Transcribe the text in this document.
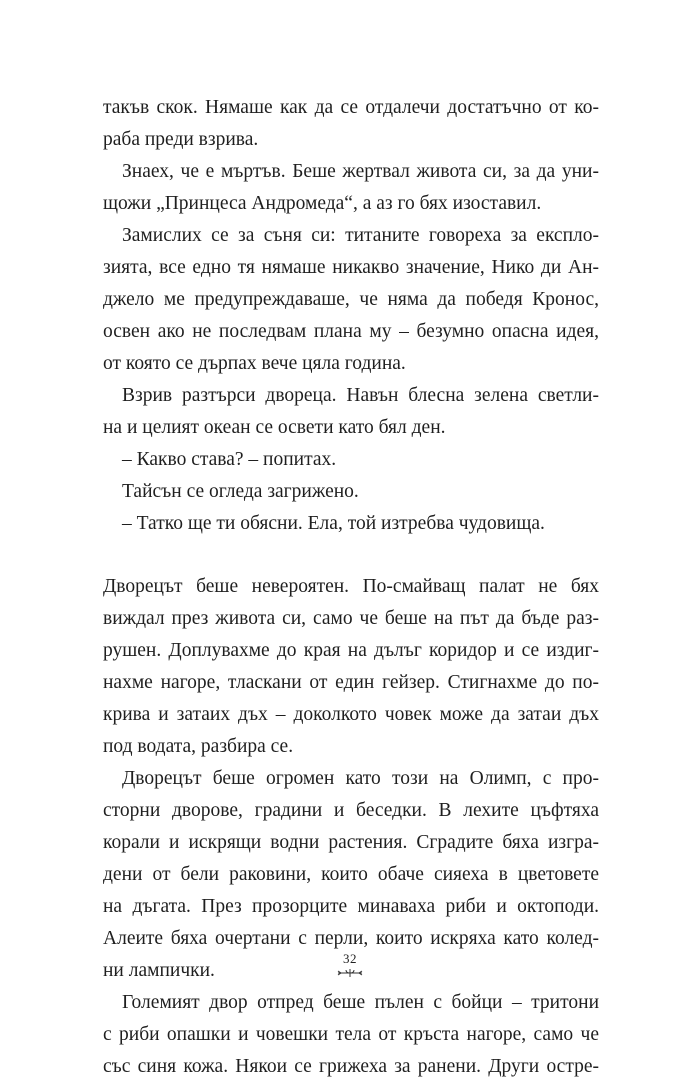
такъв скок. Нямаше как да се отдалечи достатъчно от ко-
раба преди взрива.
Знаех, че е мъртъв. Беше жертвал живота си, за да уни-
щожи „Принцеса Андромеда“, а аз го бях изоставил.
Замислих се за съня си: титаните говореха за експло-
зията, все едно тя нямаше никакво значение, Нико ди Ан-
джело ме предупреждаваше, че няма да победя Кронос,
освен ако не последвам плана му – безумно опасна идея,
от която се дърпах вече цяла година.
Взрив разтърси двореца. Навън блесна зелена светли-
на и целият океан се освети като бял ден.
– Какво става? – попитах.
Тайсън се огледа загрижено.
– Татко ще ти обясни. Ела, той изтребва чудовища.
Дворецът беше невероятен. По-смайващ палат не бях
виждал през живота си, само че беше на път да бъде раз-
рушен. Доплувахме до края на дълъг коридор и се издиг-
нахме нагоре, тласкани от един гейзер. Стигнахме до по-
крива и затаих дъх – доколкото човек може да затаи дъх
под водата, разбира се.
Дворецът беше огромен като този на Олимп, с про-
сторни дворове, градини и беседки. В лехите цъфтяха
корали и искрящи водни растения. Сградите бяха изгра-
дени от бели раковини, които обаче сияеха в цветовете
на дъгата. През прозорците минаваха риби и октоподи.
Алеите бяха очертани с перли, които искряха като колед-
ни лампички.
Големият двор отпред беше пълен с бойци – тритони
с риби опашки и човешки тела от кръста нагоре, само че
със синя кожа. Някои се грижеха за ранени. Други остре-
32
